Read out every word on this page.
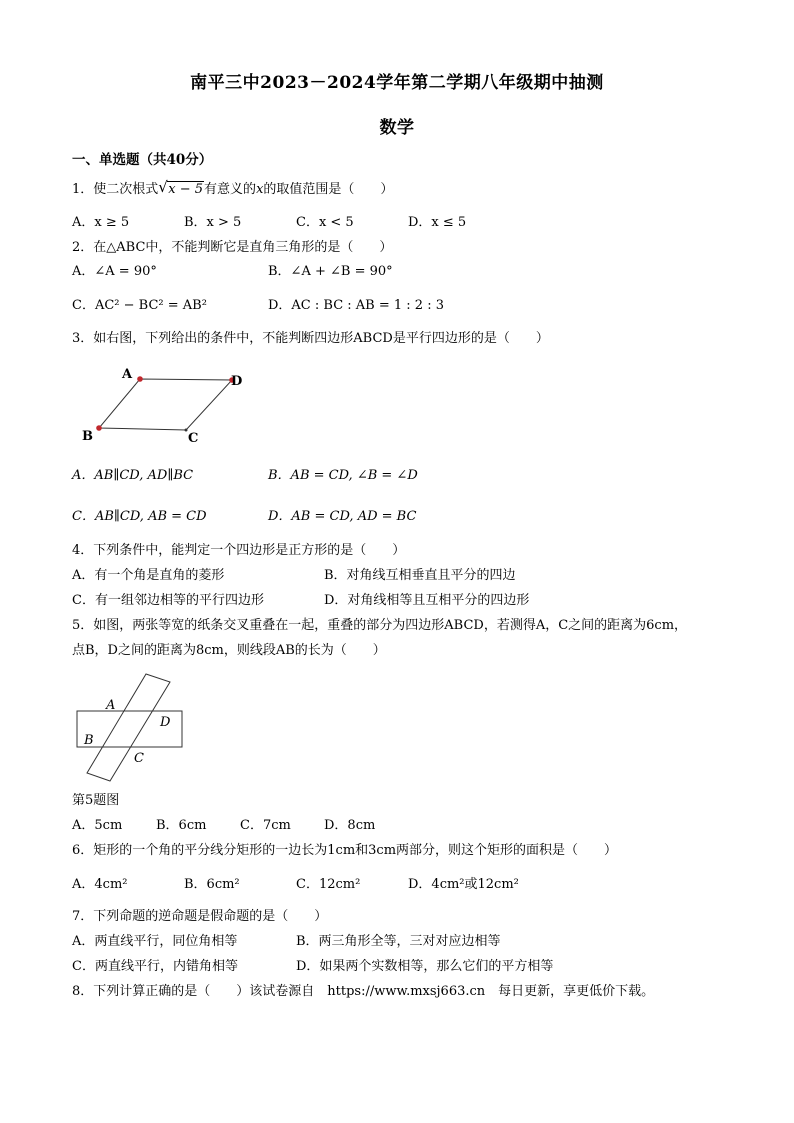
南平三中2023－2024学年第二学期八年级期中抽测
数学
一、单选题（共40分）
1．使二次根式 √ x − 5有意义的x的取值范围是（　　）
A．x ≥ 5	B．x > 5	C．x < 5	D．x ≤ 5
2．在△ABC中，不能判断它是直角三角形的是（　　）
A．∠A = 90°	B．∠A + ∠B = 90°
C．AC² − BC² = AB²	D．AC : BC : AB = 1 : 2 : 3
3．如右图，下列给出的条件中，不能判断四边形ABCD是平行四边形的是（　　）
A	D
B	C
A．AB∥CD, AD∥BC	B．AB = CD, ∠B = ∠D
C．AB∥CD, AB = CD	D．AB = CD, AD = BC
4．下列条件中，能判定一个四边形是正方形的是（　　）
A．有一个角是直角的菱形	B．对角线互相垂直且平分的四边
C．有一组邻边相等的平行四边形	D．对角线相等且互相平分的四边形
5．如图，两张等宽的纸条交叉重叠在一起，重叠的部分为四边形ABCD，若测得A，C之间的距离为6cm，
点B，D之间的距离为8cm，则线段AB的长为（　　）
A
D
B
C
第5题图
A．5cm	B．6cm	C．7cm	D．8cm
6．矩形的一个角的平分线分矩形的一边长为1cm和3cm两部分，则这个矩形的面积是（　　）
A．4cm²	B．6cm²	C．12cm²	D．4cm²或12cm²
7．下列命题的逆命题是假命题的是（　　）
A．两直线平行，同位角相等	B．两三角形全等，三对对应边相等
C．两直线平行，内错角相等	D．如果两个实数相等，那么它们的平方相等
8．下列计算正确的是（　　）该试卷源自　https://www.mxsj663.cn　每日更新，享更低价下载。
